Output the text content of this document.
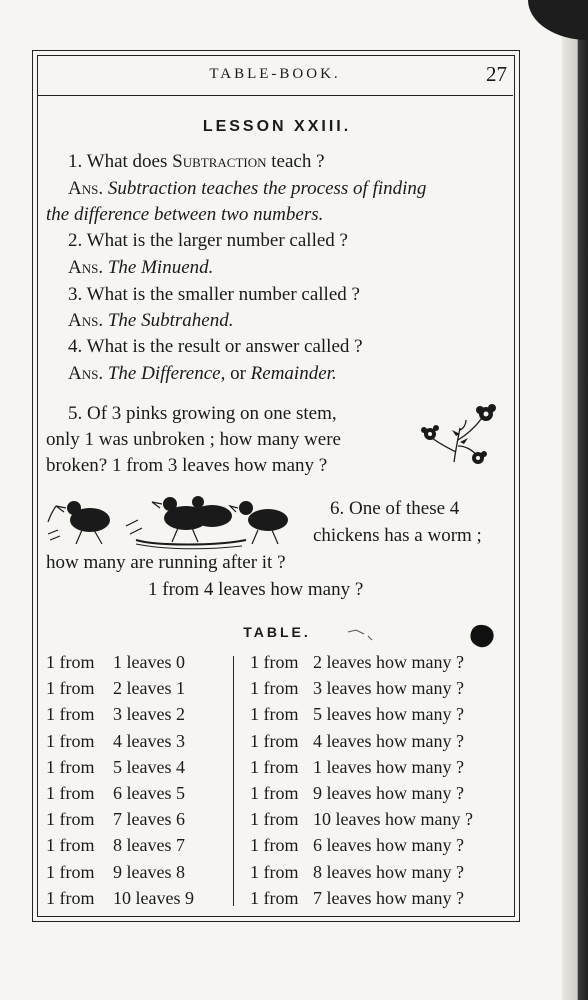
TABLE-BOOK.	27
LESSON XXIII.
1. What does Subtraction teach ?
Ans. Subtraction teaches the process of finding
the difference between two numbers.
2. What is the larger number called ?
Ans. The Minuend.
3. What is the smaller number called ?
Ans. The Subtrahend.
4. What is the result or answer called ?
Ans. The Difference, or Remainder.
5. Of 3 pinks growing on one stem,
only 1 was unbroken ; how many were
broken? 1 from 3 leaves how many ?
6. One of these 4
chickens has a worm ;
how many are running after it ?
1 from 4 leaves how many ?
TABLE.
1 from 1 leaves 0	1 from 2 leaves how many ?
1 from 2 leaves 1	1 from 3 leaves how many ?
1 from 3 leaves 2	1 from 5 leaves how many ?
1 from 4 leaves 3	1 from 4 leaves how many ?
1 from 5 leaves 4	1 from 1 leaves how many ?
1 from 6 leaves 5	1 from 9 leaves how many ?
1 from 7 leaves 6	1 from 10 leaves how many ?
1 from 8 leaves 7	1 from 6 leaves how many ?
1 from 9 leaves 8	1 from 8 leaves how many ?
1 from 10 leaves 9	1 from 7 leaves how many ?
